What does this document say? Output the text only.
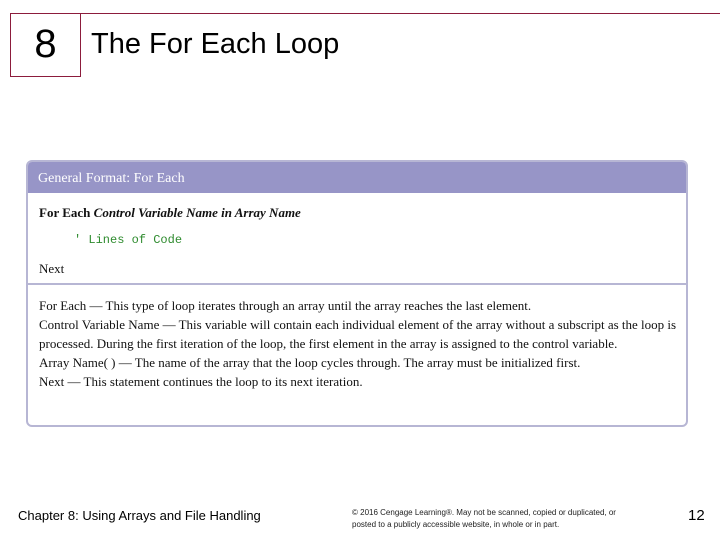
8 The For Each Loop
General Format: For Each
For Each Control Variable Name in Array Name
' Lines of Code
Next

For Each — This type of loop iterates through an array until the array reaches the last element.

Control Variable Name — This variable will contain each individual element of the array without a subscript as the loop is processed. During the first iteration of the loop, the first element in the array is assigned to the control variable.

Array Name( ) — The name of the array that the loop cycles through. The array must be initialized first.

Next — This statement continues the loop to its next iteration.

Chapter 8: Using Arrays and File Handling	© 2016 Cengage Learning®. May not be scanned, copied or duplicated, or posted to a publicly accessible website, in whole or in part.
12
